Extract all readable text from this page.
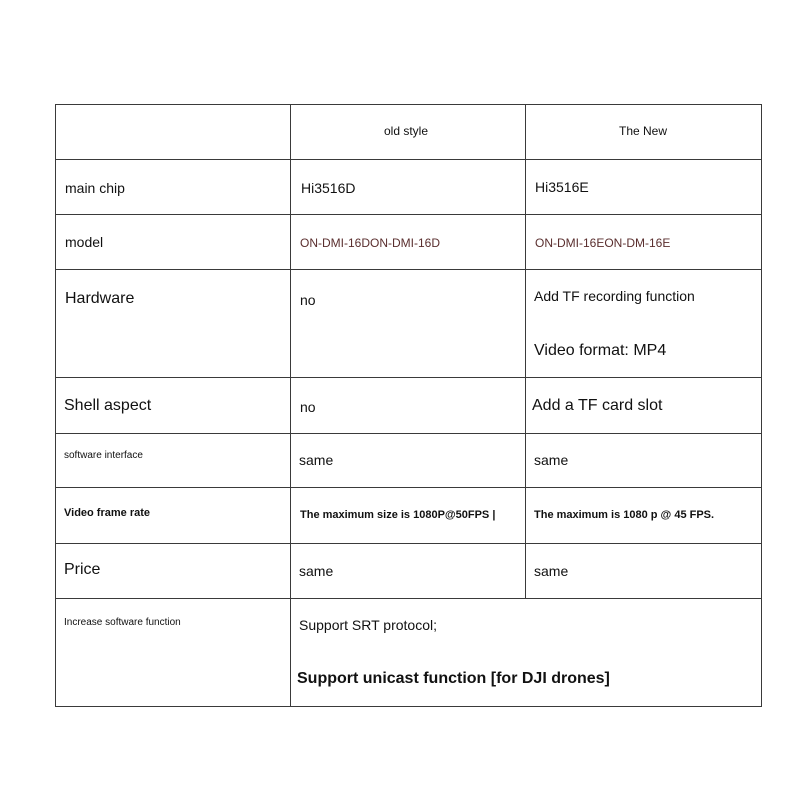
	old style	The New

main chip	Hi3516D	Hi3516E

model	ON-DMI-16DON-DMI-16D	ON-DMI-16EON-DM-16E

Hardware	no	Add TF recording function
Video format: MP4

Shell aspect	no	Add a TF card slot

software interface	same	same

Video frame rate	The maximum size is 1080P@50FPS |	The maximum is 1080 p @ 45 FPS.

Price	same	same

Increase software function	Support SRT protocol;
Support unicast function [for DJI drones]	
